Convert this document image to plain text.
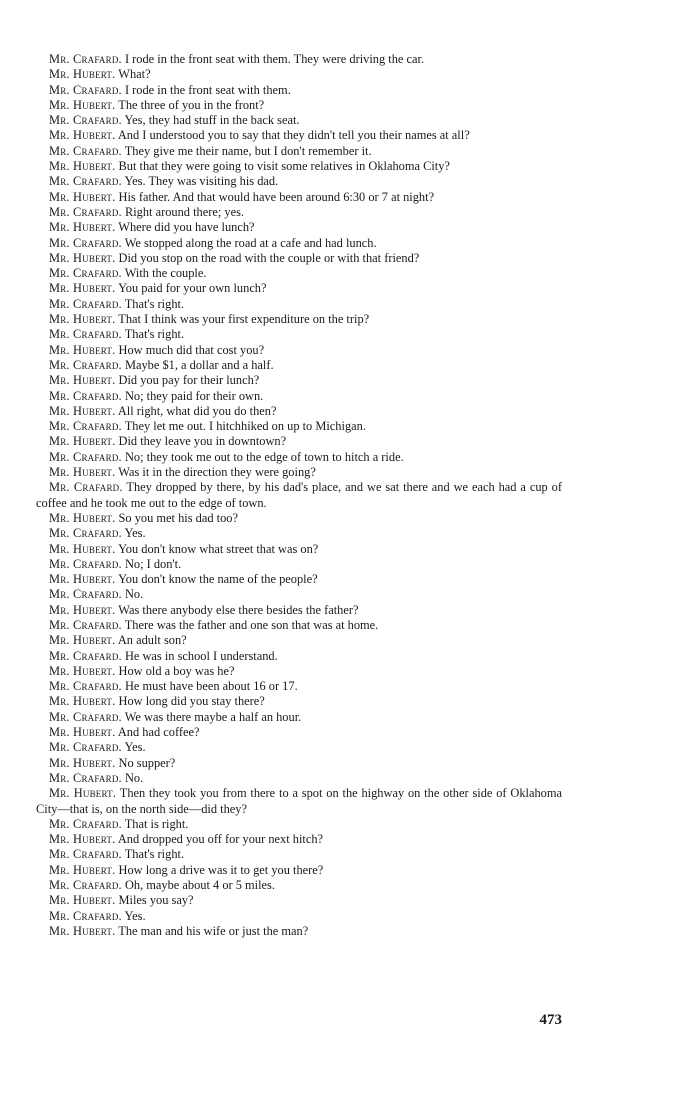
Mr. Crafard. I rode in the front seat with them. They were driving the car.

Mr. Hubert. What?

Mr. Crafard. I rode in the front seat with them.

Mr. Hubert. The three of you in the front?

Mr. Crafard. Yes, they had stuff in the back seat.

Mr. Hubert. And I understood you to say that they didn't tell you their names at all?

Mr. Crafard. They give me their name, but I don't remember it.

Mr. Hubert. But that they were going to visit some relatives in Oklahoma City?

Mr. Crafard. Yes. They was visiting his dad.

Mr. Hubert. His father. And that would have been around 6:30 or 7 at night?

Mr. Crafard. Right around there; yes.

Mr. Hubert. Where did you have lunch?

Mr. Crafard. We stopped along the road at a cafe and had lunch.

Mr. Hubert. Did you stop on the road with the couple or with that friend?

Mr. Crafard. With the couple.

Mr. Hubert. You paid for your own lunch?

Mr. Crafard. That's right.

Mr. Hubert. That I think was your first expenditure on the trip?

Mr. Crafard. That's right.

Mr. Hubert. How much did that cost you?

Mr. Crafard. Maybe $1, a dollar and a half.

Mr. Hubert. Did you pay for their lunch?

Mr. Crafard. No; they paid for their own.

Mr. Hubert. All right, what did you do then?

Mr. Crafard. They let me out. I hitchhiked on up to Michigan.

Mr. Hubert. Did they leave you in downtown?

Mr. Crafard. No; they took me out to the edge of town to hitch a ride.

Mr. Hubert. Was it in the direction they were going?

Mr. Crafard. They dropped by there, by his dad's place, and we sat there and we each had a cup of coffee and he took me out to the edge of town.

Mr. Hubert. So you met his dad too?

Mr. Crafard. Yes.

Mr. Hubert. You don't know what street that was on?

Mr. Crafard. No; I don't.

Mr. Hubert. You don't know the name of the people?

Mr. Crafard. No.

Mr. Hubert. Was there anybody else there besides the father?

Mr. Crafard. There was the father and one son that was at home.

Mr. Hubert. An adult son?

Mr. Crafard. He was in school I understand.

Mr. Hubert. How old a boy was he?

Mr. Crafard. He must have been about 16 or 17.

Mr. Hubert. How long did you stay there?

Mr. Crafard. We was there maybe a half an hour.

Mr. Hubert. And had coffee?

Mr. Crafard. Yes.

Mr. Hubert. No supper?

Mr. Crafard. No.

Mr. Hubert. Then they took you from there to a spot on the highway on the other side of Oklahoma City—that is, on the north side—did they?

Mr. Crafard. That is right.

Mr. Hubert. And dropped you off for your next hitch?

Mr. Crafard. That's right.

Mr. Hubert. How long a drive was it to get you there?

Mr. Crafard. Oh, maybe about 4 or 5 miles.

Mr. Hubert. Miles you say?

Mr. Crafard. Yes.

Mr. Hubert. The man and his wife or just the man?

473
